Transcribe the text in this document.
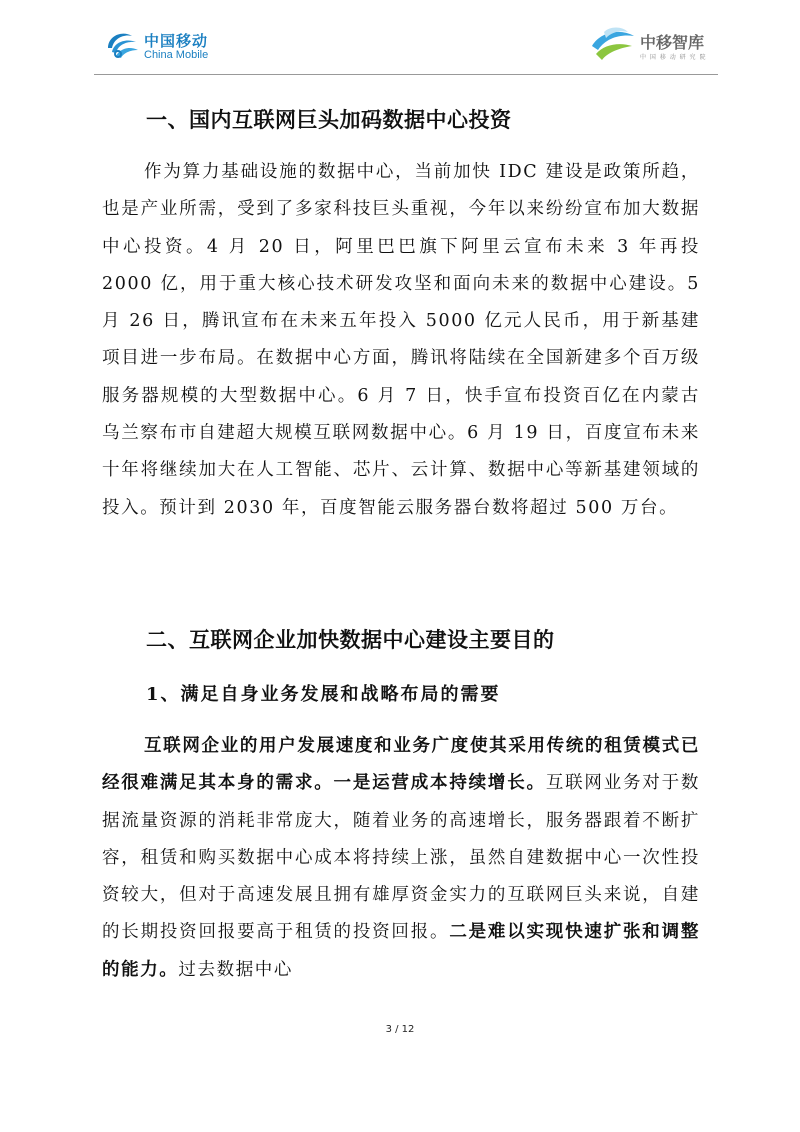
中国移动
China Mobile
中移智库
中 国 移 动 研 究 院
一、国内互联网巨头加码数据中心投资

作为算力基础设施的数据中心，当前加快 IDC 建设是政策所趋，也是产业所需，受到了多家科技巨头重视，今年以来纷纷宣布加大数据中心投资。4 月 20 日，阿里巴巴旗下阿里云宣布未来 3 年再投 2000 亿，用于重大核心技术研发攻坚和面向未来的数据中心建设。5 月 26 日，腾讯宣布在未来五年投入 5000 亿元人民币，用于新基建项目进一步布局。在数据中心方面，腾讯将陆续在全国新建多个百万级服务器规模的大型数据中心。6 月 7 日，快手宣布投资百亿在内蒙古乌兰察布市自建超大规模互联网数据中心。6 月 19 日，百度宣布未来十年将继续加大在人工智能、芯片、云计算、数据中心等新基建领域的投入。预计到 2030 年，百度智能云服务器台数将超过 500 万台。

二、互联网企业加快数据中心建设主要目的
1、满足自身业务发展和战略布局的需要

互联网企业的用户发展速度和业务广度使其采用传统的租赁模式已经很难满足其本身的需求。一是运营成本持续增长。互联网业务对于数据流量资源的消耗非常庞大，随着业务的高速增长，服务器跟着不断扩容，租赁和购买数据中心成本将持续上涨，虽然自建数据中心一次性投资较大，但对于高速发展且拥有雄厚资金实力的互联网巨头来说，自建的长期投资回报要高于租赁的投资回报。二是难以实现快速扩张和调整的能力。过去数据中心

3 / 12
